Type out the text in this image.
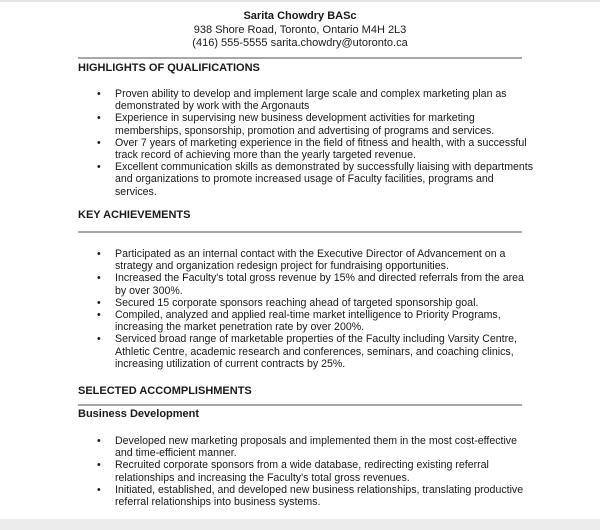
Sarita Chowdry BASc
938 Shore Road, Toronto, Ontario M4H 2L3
(416) 555-5555 sarita.chowdry@utoronto.ca
HIGHLIGHTS OF QUALIFICATIONS
• Proven ability to develop and implement large scale and complex marketing plan as
demonstrated by work with the Argonauts
• Experience in supervising new business development activities for marketing
memberships, sponsorship, promotion and advertising of programs and services.
• Over 7 years of marketing experience in the field of fitness and health, with a successful
track record of achieving more than the yearly targeted revenue.
• Excellent communication skills as demonstrated by successfully liaising with departments
and organizations to promote increased usage of Faculty facilities, programs and
services.
KEY ACHIEVEMENTS
• Participated as an internal contact with the Executive Director of Advancement on a
strategy and organization redesign project for fundraising opportunities.
• Increased the Faculty's total gross revenue by 15% and directed referrals from the area
by over 300%.
• Secured 15 corporate sponsors reaching ahead of targeted sponsorship goal.
• Compiled, analyzed and applied real-time market intelligence to Priority Programs,
increasing the market penetration rate by over 200%.
• Serviced broad range of marketable properties of the Faculty including Varsity Centre,
Athletic Centre, academic research and conferences, seminars, and coaching clinics,
increasing utilization of current contracts by 25%.
SELECTED ACCOMPLISHMENTS
Business Development
• Developed new marketing proposals and implemented them in the most cost-effective
and time-efficient manner.
• Recruited corporate sponsors from a wide database, redirecting existing referral
relationships and increasing the Faculty's total gross revenues.
• Initiated, established, and developed new business relationships, translating productive
referral relationships into business systems.
